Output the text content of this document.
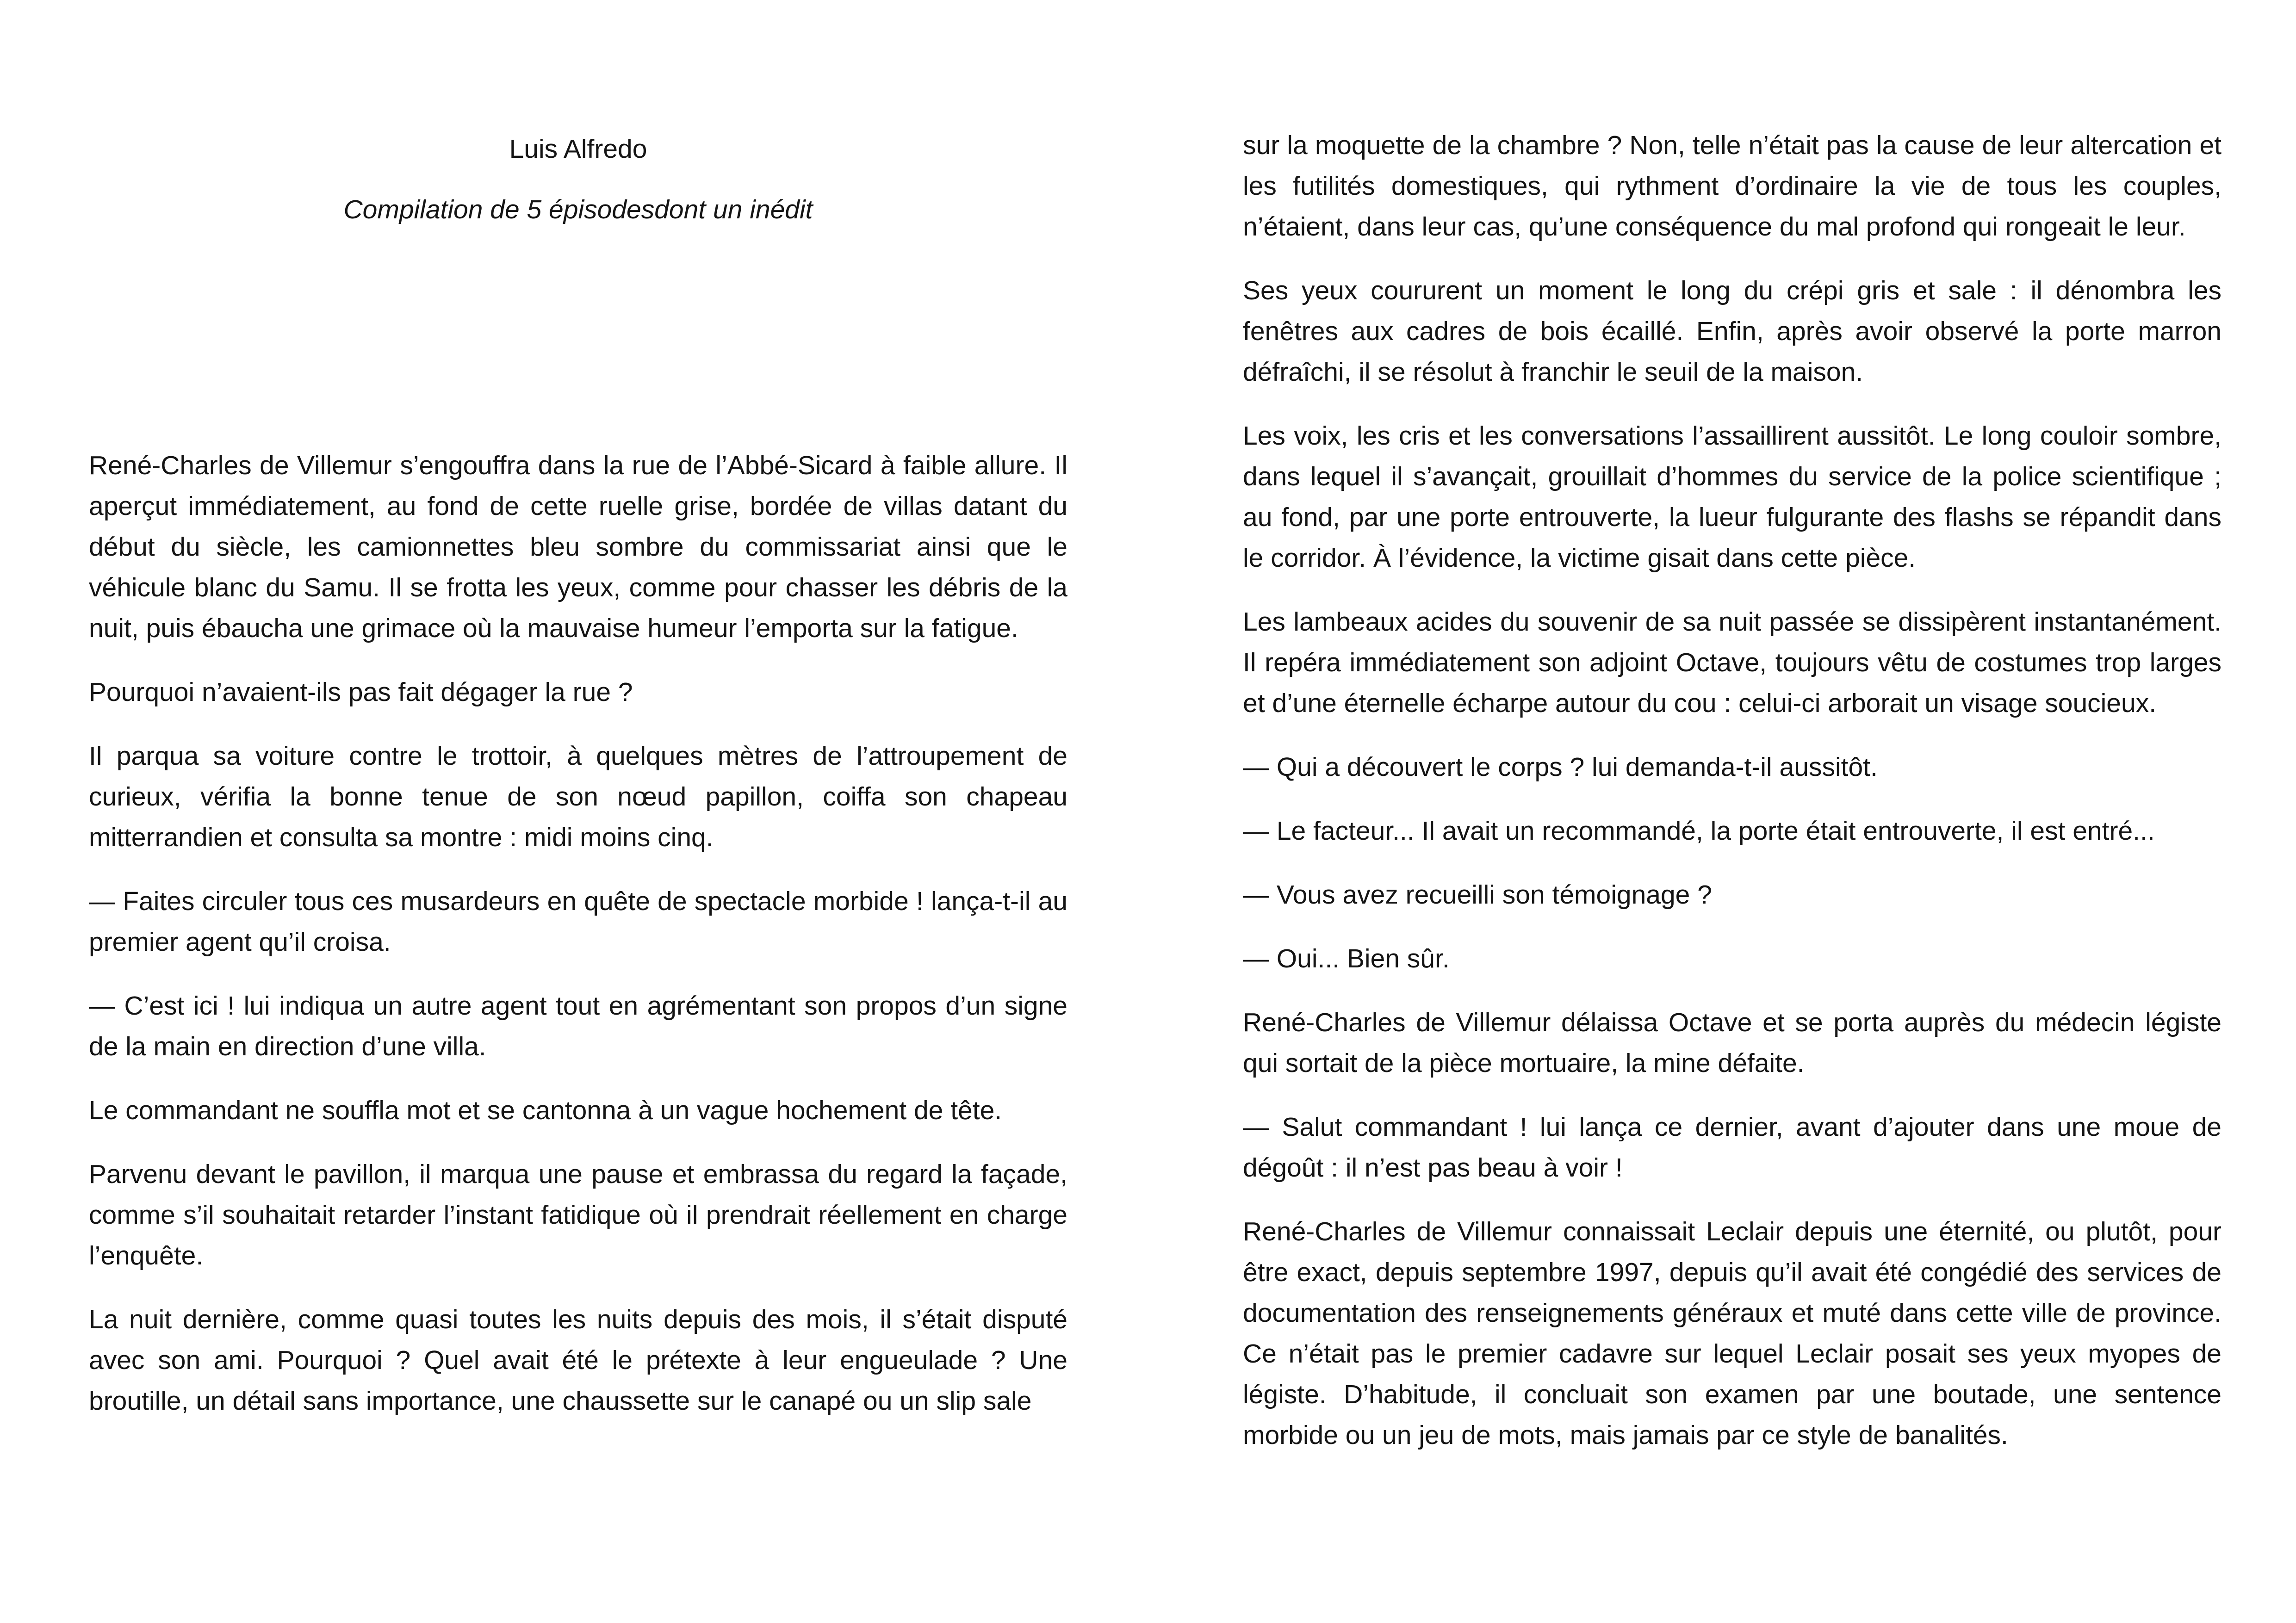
Luis Alfredo

Compilation de 5 épisodesdont un inédit

René-Charles de Villemur s’engouffra dans la rue de l’Abbé-Sicard à faible allure. Il aperçut immédiatement, au fond de cette ruelle grise, bordée de villas datant du début du siècle, les camionnettes bleu sombre du commissariat ainsi que le véhicule blanc du Samu. Il se frotta les yeux, comme pour chasser les débris de la nuit, puis ébaucha une grimace où la mauvaise humeur l’emporta sur la fatigue.

Pourquoi n’avaient-ils pas fait dégager la rue ?

Il parqua sa voiture contre le trottoir, à quelques mètres de l’attroupement de curieux, vérifia la bonne tenue de son nœud papillon, coiffa son chapeau mitterrandien et consulta sa montre : midi moins cinq.

— Faites circuler tous ces musardeurs en quête de spectacle morbide ! lança-t-il au premier agent qu’il croisa.

— C’est ici ! lui indiqua un autre agent tout en agrémentant son propos d’un signe de la main en direction d’une villa.

Le commandant ne souffla mot et se cantonna à un vague hochement de tête.

Parvenu devant le pavillon, il marqua une pause et embrassa du regard la façade, comme s’il souhaitait retarder l’instant fatidique où il prendrait réellement en charge l’enquête.

La nuit dernière, comme quasi toutes les nuits depuis des mois, il s’était disputé avec son ami. Pourquoi ? Quel avait été le prétexte à leur engueulade ? Une broutille, un détail sans importance, une chaussette sur le canapé ou un slip sale

sur la moquette de la chambre ? Non, telle n’était pas la cause de leur altercation et les futilités domestiques, qui rythment d’ordinaire la vie de tous les couples, n’étaient, dans leur cas, qu’une conséquence du mal profond qui rongeait le leur.

Ses yeux coururent un moment le long du crépi gris et sale : il dénombra les fenêtres aux cadres de bois écaillé. Enfin, après avoir observé la porte marron défraîchi, il se résolut à franchir le seuil de la maison.

Les voix, les cris et les conversations l’assaillirent aussitôt. Le long couloir sombre, dans lequel il s’avançait, grouillait d’hommes du service de la police scientifique ; au fond, par une porte entrouverte, la lueur fulgurante des flashs se répandit dans le corridor. À l’évidence, la victime gisait dans cette pièce.

Les lambeaux acides du souvenir de sa nuit passée se dissipèrent instantanément. Il repéra immédiatement son adjoint Octave, toujours vêtu de costumes trop larges et d’une éternelle écharpe autour du cou : celui-ci arborait un visage soucieux.

— Qui a découvert le corps ? lui demanda-t-il aussitôt.

— Le facteur... Il avait un recommandé, la porte était entrouverte, il est entré...

— Vous avez recueilli son témoignage ?

— Oui... Bien sûr.

René-Charles de Villemur délaissa Octave et se porta auprès du médecin légiste qui sortait de la pièce mortuaire, la mine défaite.

— Salut commandant ! lui lança ce dernier, avant d’ajouter dans une moue de dégoût : il n’est pas beau à voir !

René-Charles de Villemur connaissait Leclair depuis une éternité, ou plutôt, pour être exact, depuis septembre 1997, depuis qu’il avait été congédié des services de documentation des renseignements généraux et muté dans cette ville de province. Ce n’était pas le premier cadavre sur lequel Leclair posait ses yeux myopes de légiste. D’habitude, il concluait son examen par une boutade, une sentence morbide ou un jeu de mots, mais jamais par ce style de banalités.
